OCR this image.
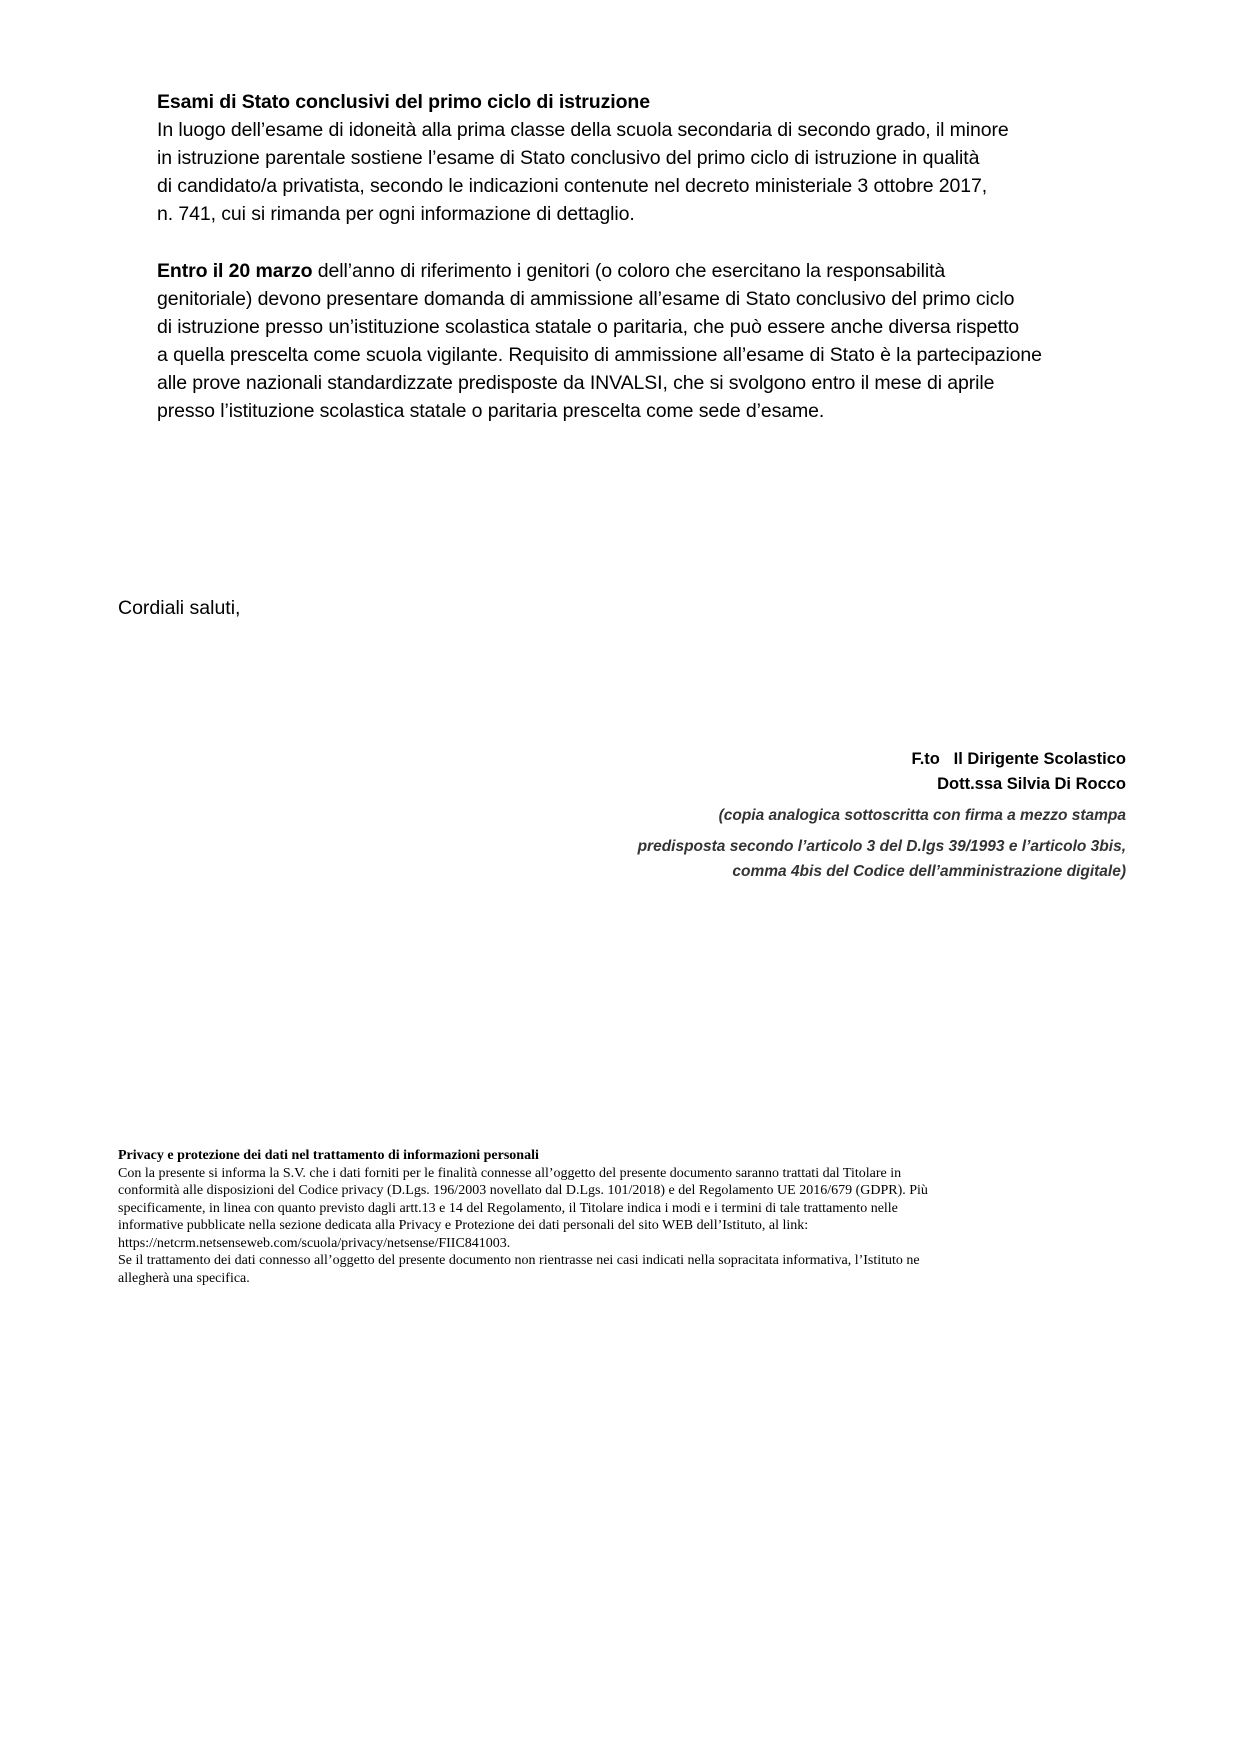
Esami di Stato conclusivi del primo ciclo di istruzione
In luogo dell’esame di idoneità alla prima classe della scuola secondaria di secondo grado, il minore
in istruzione parentale sostiene l’esame di Stato conclusivo del primo ciclo di istruzione in qualità
di candidato/a privatista, secondo le indicazioni contenute nel decreto ministeriale 3 ottobre 2017,
n. 741, cui si rimanda per ogni informazione di dettaglio.
Entro il 20 marzo dell’anno di riferimento i genitori (o coloro che esercitano la responsabilità
genitoriale) devono presentare domanda di ammissione all’esame di Stato conclusivo del primo ciclo
di istruzione presso un’istituzione scolastica statale o paritaria, che può essere anche diversa rispetto
a quella prescelta come scuola vigilante. Requisito di ammissione all’esame di Stato è la partecipazione
alle prove nazionali standardizzate predisposte da INVALSI, che si svolgono entro il mese di aprile
presso l’istituzione scolastica statale o paritaria prescelta come sede d’esame.
Cordiali saluti,
F.to   Il Dirigente Scolastico
Dott.ssa Silvia Di Rocco
(copia analogica sottoscritta con firma a mezzo stampa
predisposta secondo l’articolo 3 del D.lgs 39/1993 e l’articolo 3bis,
comma 4bis del Codice dell’amministrazione digitale)
Privacy e protezione dei dati nel trattamento di informazioni personali
Con la presente si informa la S.V. che i dati forniti per le finalità connesse all’oggetto del presente documento saranno trattati dal Titolare in
conformità alle disposizioni del Codice privacy (D.Lgs. 196/2003 novellato dal D.Lgs. 101/2018) e del Regolamento UE 2016/679 (GDPR). Più
specificamente, in linea con quanto previsto dagli artt.13 e 14 del Regolamento, il Titolare indica i modi e i termini di tale trattamento nelle
informative pubblicate nella sezione dedicata alla Privacy e Protezione dei dati personali del sito WEB dell’Istituto, al link:
https://netcrm.netsenseweb.com/scuola/privacy/netsense/FIIC841003.
Se il trattamento dei dati connesso all’oggetto del presente documento non rientrasse nei casi indicati nella sopracitata informativa, l’Istituto ne
allegherà una specifica.
